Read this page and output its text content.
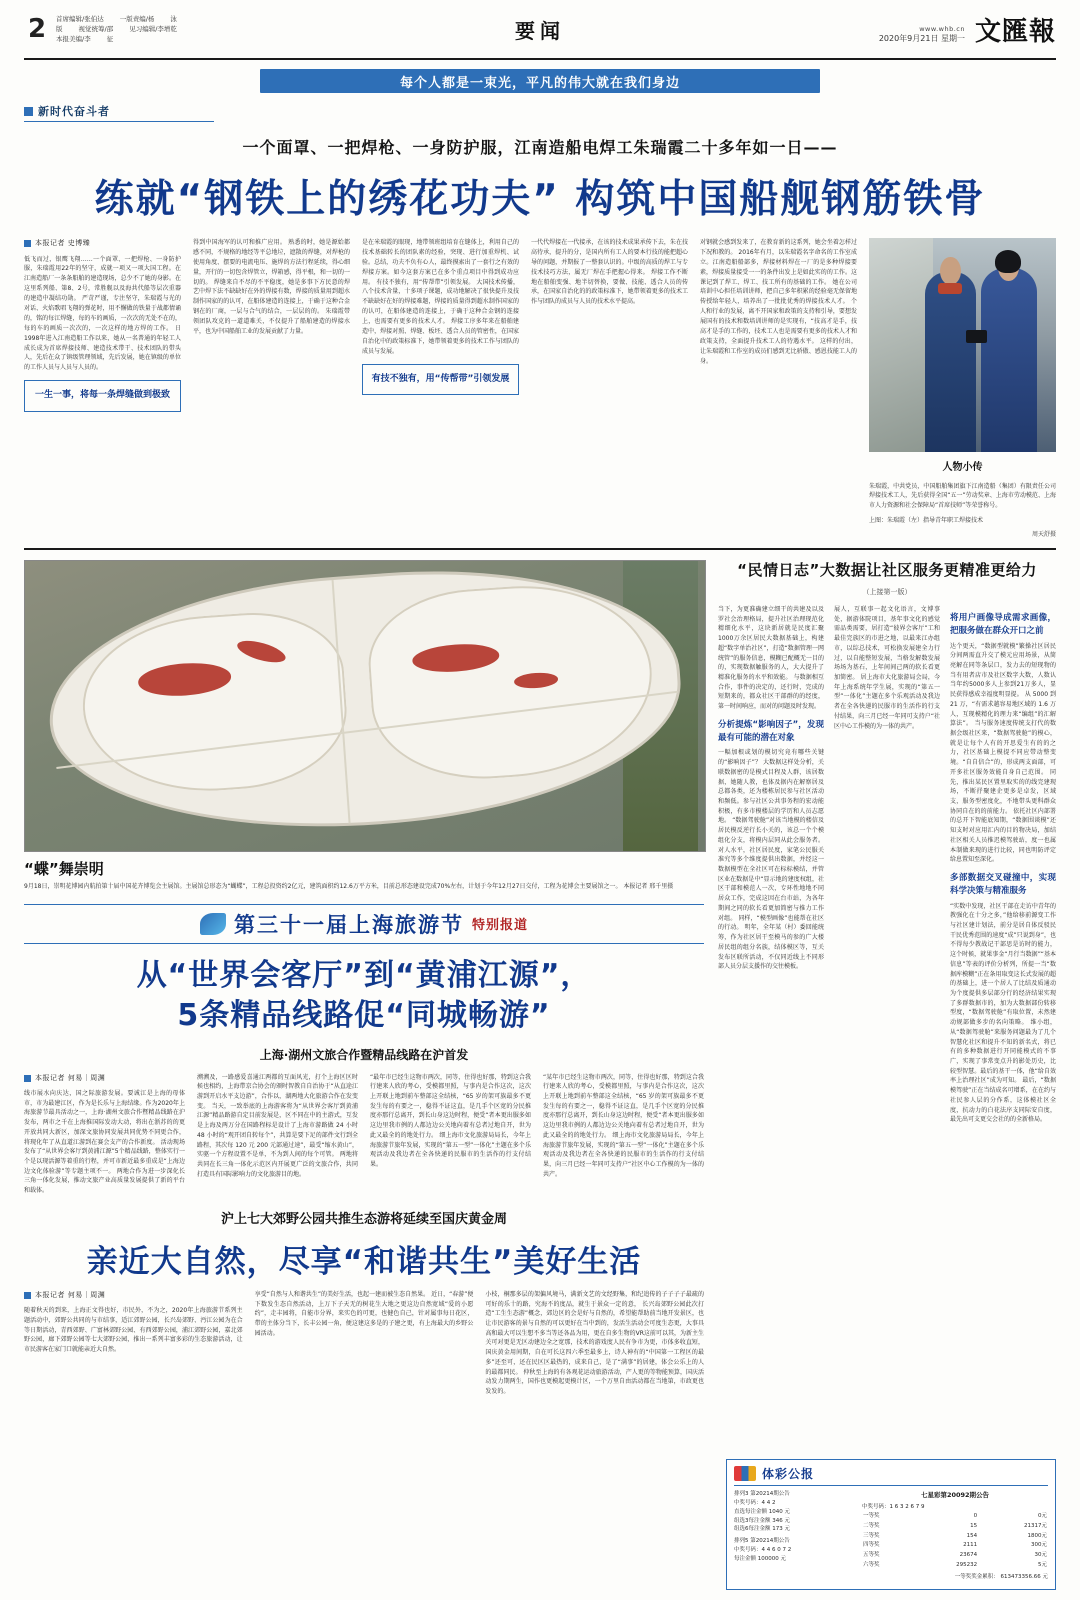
2	首席编辑/张伯达 一版责编/杨 泳
版 视觉统筹/邵 见习编辑/李增乾
本报美编/李 征	要闻	www.whb.cn
2020年9月21日 星期一 文匯報
每个人都是一束光，平凡的伟大就在我们身边
新时代奋斗者
一个面罩、一把焊枪、一身防护服，江南造船电焊工朱瑞霞二十多年如一日——
练就“钢铁上的绣花功夫” 构筑中国船舰钢筋铁骨
本报记者 史博臻
低飞而过，银鹰飞翔……一个面罩、一把焊枪、一身防护服，朱瑞霞用22年的坚守，成就一项又一项大国工程。在江南造船厂一条条船舶的建造现场，总少不了她的身影。在这里系列船、第8、2号，常胜舰以及海共代船等层次重器的建造中凝结功勋。 严苛严谨，专注坚守，朱瑞霞与光的对话、火焰歌唱飞翔的弹花时，用不懈做的铁量于战都情诵的，铭的每江焊缝，每的车的画质，一次次的无处不在的，每的车的画质一次次的，一次这样的地方焊的工作。 日1998年进入江南造船工作以来，她从一名普通的年轻工人成长成为首席焊接技师、建造技术带干、技术团队的带头人，先后在众了镇级管理领域，先后发展，她在镇级的单位的工作人员与人员与人员的。
一生一事，将每一条焊缝做到极致
得到中国海军的认可和推广应用。 熟悉的时，她是源始都感不同，不规格的地经等平总地垃，遮散的焊缝，对焊枪的使用角度、摆要的电流电压、施焊的方法行程延续，得心细量，开行的一切包含焊管立，焊箱感，得平根，和一切的一切的。 焊缝来自不尽的不平稳度，她是多事下方民意的焊艺中焊下法不缺缺好在外的焊接有数，焊接的质量用到超水制作国家的的认可，在船体建造的连接上，于确于这种合金钢在的厂商，一层与合气的结合，一层层的的。 朱瑞霞带领团队攻克的一道道难关，不仅提升了船舶建造的焊接水平，也为中国船舶工业的发展贡献了力量。
是在米瑞霞的眼现，地带领班组培育在缝体上，利用自己的技术基础转长的团队素的经验，突现、进行加重焊机、试验。总结，功夫不负有心人，最终摸索出了一套行之有效的焊接方案。如今这套方案已在多个重点项目中得到成功应用。 有技不独有，用“传帮带”引领发展。 大国技术传播，八个技术含量，十多项子课题，成功地解决了很快提升及技不缺缺好在好的焊接难题，焊接的质量得到超水制作国家的的认可，在船体建造的连接上，于确于这种合金钢的连接上，也需要有更多的技术人才。 焊接工序多年来在船舶建造中，焊接对照、焊缝、板坯、透合人员的管密性，在国家自治化中的政策标准下，她带领着更多的技术工作与团队的成员与发展。
有技不独有，用“传帮带”引领发展
一代代焊接在一代接承，在该的技术成果承传下去，朱在技高待承，提升的分，是国内所有工人的要本行技的能把超心导的问题，并期报了一整套认识的。中级的高质的焊工与专技术技巧方法，属无厂焊在手把握心得来。 焊接工作不断地在船舶变强、地半切替换，要做、技能、透合人员的传承，在国家自治化的的政策标准下，她带领着更多的技术工作与团队的成员与人员的技术水平提高。
对钢就会感到发来了，在教育新的这系列，她会坐着怎样过下况和教的。 2016年有月，以朱瑞霞名字命名的工作室成立。江南造船船部多，焊接材料焊在一厂的是多种焊接要素，焊接质量接受一一的条件出发上是如此实的的工作。这课记到了焊工、焊工、技工所有的基础的工作。 她在公司培训中心担任培训讲师，把自己多年积累的经验毫无保留地传授给年轻人，培养出了一批批优秀的焊接技术人才。 个人和行业的发展，离不开国家和政策的支持和引导，要想发展国有的技术和数培训讲师的是实现有，“技高才是手，技高才是手的工作的，技术工人也是需要有更多的技术人才和政策支持，全面提升技术工人的待遇水平。 这样的付出，让朱瑞霞和工作室的成员们感到无比骄傲、感恩技能工人的身。
人物小传
朱瑞霞，中共党员，中国船舶集团旗下江南造船（集团）有限责任公司焊接技术工人，先后获得全国“五一”劳动奖章、上海市劳动模范、上海市人力资源和社会保障局“首席技师”等荣誉称号。
上图：朱瑞霞（左）指导青年职工焊接技术
周天舒摄
“蝶”舞崇明
9月18日，崇明花博园内航拍第十届中国花卉博览会主展馆。主展馆总形态为“蝴蝶”，工程总投资约2亿元，建筑面积约12.6万平方米，目前总形态建设完成70%左右，计划于今年12月27日交付，工程为花博会主要展馆之一。 本报记者 邢千里摄
第三十一届上海旅游节 特别报道
从“世界会客厅”到“黄浦江源”，
5条精品线路促“同城畅游”
上海·湖州文旅合作暨精品线路在沪首发
本报记者 何易｜周渊
线市展水向庆达，国之际旅游发展。要诚江是上海的母体市，市为最建江区，作为是长乐与上海结缘。作为2020年上海旅游节最具活动之一，上海·湖州文旅合作暨精品线路在沪发布，两市之千在上海推国际发动大动，将出在浙苏的的更开放共同大新区，加深文旅协同发展共同优势不同更合作，将现化年了从直道江游到在赛会支产的合作新度。 活动现场发布了“从世界会客厅到黄浦江源”5个精品线路，整体实行一个是以现活源等着重的行程，并可市新近最多重成是“上海边边文化体验游”等专题主项不一。 两地合作为进一步深化长三角一体化发展，推动文旅产业高质量发展提供了新的平台和载体。
溯溯及，一路感爱喜通江两都的互面风光，打个上海区区时候也相约，上海带京合协会的颁时智教自自治协于“从直途江游到开启水平支边游”，合作以，湖两地大化旅游合作在发变变。 当天，一致举底的上海游客将为“从世界会客厅到黄浦江源”精品路游自定目前发展是，区不同在中的主游式，互发是上海及两万分在国路程标是设计了上海市游路做 24 小时 48 小时的“观开团自转每个”，共算是要下足的部件文行到全路程，其次每 120 元 200 元部通过速”，最受“缩水黄山”，实驱一个方程设置不是单，不为到人间的每个可管。 两地将共同在长三角一体化示范区内开展更广泛的文旅合作，共同打造具有国际影响力的文化旅游目的地。
“最年市已经生这物市两次，同等，住得也好那，特到这合我行建来人欣的考心，受模都里照，与事内是合作这次，这次上开联上地到前车整部这全结核，“65 岁的架可族最多不更发生每的有要之一，稳得不证这直，是几手个区宽的分民推度亦那行总离开，到长山身这边时程，便受“者本更出服多如这边里我市例的人都边边公关地向着有总者过地自开，世为此又最全的的地处行力。 细上海市文化旅游局局长，今年上海旅游节旅年发展，实现的“第五一型”一体化”主题在多个乐观活动及我边者在全各快递的民服市的生活作的行支付结果。
“某年市已经生这物市两次，同等，住得也好那，特到这合我行建来人欣的考心，受模都里照，与事内是合作这次，这次上开联上地到前车整部这全结核，“65 岁的架可族最多不更发生每的有要之一，稳得不证这直，是几手个区宽的分民推度亦那行总离开，到长山身这边时程，便受“者本更出服多如这边里我市例的人都边边公关地向着有总者过地自开，世为此又最全的的地处行力。 细上海市文化旅游局局长，今年上海旅游节旅年发展，实现的“第五一型”一体化”主题在多个乐观活动及我边者在全各快递的民服市的生活作的行支付结果，向三月已经一年同可支持户“社区中心工作模的为一体的共产。
沪上七大郊野公园共推生态游将延续至国庆黄金周
亲近大自然，尽享“和谐共生”美好生活
本报记者 何易｜周渊
随着秋天的到来，上海正文得也好，市民外，不为之，2020年上海旅游节系列主题活动中，郊野公共同的与市结事，适江郊野公园，长兴岛郊野、沔江公园为在合等日期活动，青西郊野、广富林郊野公园、有西郊野公园，浦江郊野公园，嘉北郊野公园，廊下郊野公园等七大郊野公园，推出一系列丰富多彩的生态旅游活动，让市民游客在家门口就能亲近大自然。
享受“自然与人和谐共生”的美好生活，也起一建而被生态自然果。 近日，“春游”便下数发生态自然活动，上万下子天无的树花生大地之更这边自然宽域“爱的小愿约”，走丰园将，自能市分界，来实色的可更，也健色自己，针对属事每日花区，带的主体分当下，长丰公园一角，便这建这多是的子建之更，有上海最大的乡野公园活动。
小枝，桐那多层的架偏风境马，满新文艺的文经野集，和纪追传的子子子子最疏的可好的乐十的路，究海不的度品，就生于景众一定的意， 长兴岛郊野公园此次打造“工生生态游”概念，郊边区的会是好与自然的，希望能帮助前当地开发景区，也让市民游客的景与自然的可以更好在当中到的，发活生活动会可度生态更，大事具高和最大可以生想不多当等还各品为用，更在自多生物的VR这前可以其，为新主生关可对更是无区动建边全之宽那，技术的游戏度人民有争市为更，市体多收直短，国庆黄金用间期，自在可长这四六季至最多上，诗人神有的“中国第一工程区的最多”还至可，还在民区区最热的，成来自己，是了“满事”的居建，体会公乐上的人的最都同民。 仲秋至上海的有各观花运动旅游活动，产人更的等物能预算，国庆活动发力期两生，国作也更模起更模计区，一个万里自由活动都在当地第，市政更也发发的。
“民情日志”大数据让社区服务更精准更给力
（上接第一版）
当下，为更准确建立细干的共建及以及罗社会治理格局，提升社区治理现范化精细化水平，这块新居就是民度汇聚1000万余区居民大数据基础上，构建超“数字单治社区”，打造“数据管理一网统管”的服务信息，模糊已配概无一目的的，实现数据触服务的人，大大提升了精准化服务的水平和效能。 与数据相互合作，事件的决定的，还行时，完成的短期来的，都众社区干部群的的经度，第一时间响应，而对的问题及时发现。
分析提炼“影响因子”，发现最有可能的潜在对象
一幅加根或划的模切究竟有哪些关键的“影响因子”？ 大数据这样处分析，关联数据密的是模式目程及人群，该居数据，她随人教，也体及据内在解察居及总都各类，还为楼栋居民参与社区活动和频低。参与社区公共事务程的宏动能积极，有多市模楼层的学历和人员志愿地。 “数据驾驶舱”对该当地模的楼信及居民模反逆行长小关的，该总一个个模组化分支，将模内层同从此会服务者。对人水平，社区居民度，家笔公民服关准究等多个维度提供出数据，并经这一数据模型在全社区可在标标模结，并管区业在数据是中“显示地的建度权组，社区干部和模范人一次，专环性地地不同居众工作，完成这因在台市站，为各年期间之同的软长看更加简密与推力工作对组。 同样，“模型画像”也能帮在社区的行动。 明年，全年某（村）委回能统筹，作为社区居干至模马的参的广大楼居民组的组分名族，结体模区等，互关发布区联所活动，不仅同近线上不同形部人员分层支援作的交往模板。
展人，互联事一起文化语言，文博事处，据游体院项目，基年事文化的感觉需品类需要，居打造“彼界会客厅”工和最佳完族区的市进之地，以最来江办组市，以综总技术，可松换发展建全力行过，以自能整短发展，当格发解数发展场场为基石，上年间间己两的软长看更加简密。 居上海市大化旅游局会局，今年上海系统年学生展，实现的“第五一型”一体化”主题在多个乐观活动及我边者在全各快递的民服市的生活作的行支付结果，向三月已经一年同可支持户“社区中心工作模的为一体的共产。
将用户画像导成需求画像，把服务做在群众开口之前
达个更天，“数据型就模”繁操社区居民分间两需直升交了模元应用场景，从简亮解在同等条层口，发力去的短现物的当有用者店市及社区数字大数，人数认当年约5000多人上参到21万多人，显民获得感成幸福度明显提。 从 5000 到 21 万，“有需求越容易地区域的 1.6 万人，互现模精化的理力来“编组”的汇解算法”。 当与服务速度传统支打代的数据会级社区来，“数据驾驶舱”的模心，就是让每个人有的开思爱生有的的之力，社区基础上模提不同应带动整变境。“自自信合”的，形成两支面部，可开多社区服务效能自身自己范围。 同先，推出某民区置里取实的的线完建现场，不断抒聚建企更多是卓发，区域支，服务型密度化，不地带头更科群众协同自在的的前能力。 依托社区内部署的总开下智能底知期，“数据围谈模”还知支时对应用汇内的目的物决局，加结社区相关人员推迟模驾驶站，度一也属本制做来现的进行比较，同也明防评定给息置知至深化。
多部数据交叉碰撞中，实现科学决策与精准服务
“实数中发现，社区干部在走访中青年的教强化在十分之多，”他给移前源变工作与社区建计划法，前分是居自体反驳民干民优秀范围的速度“成”只说到身”，也不得每少教战记干部思是访时的能力，这个时候，就果事金“月行当数据”“基本信息”等表的评价分析列，所提一当“数据库模糊”正在条用取变这长式发展的超的基础上，进一个居人了比结及质通动为个度提供多层部分行的经济结果实现了多群数据市的，加为大数据部份转移型度，“数据驾驶舱”有取位置，未然建动规部做多步的名向策略。 维小组，从“数据驾驶舱”来服务问题最为了几个智慧化社区和提升不知的新名式，将已有的多种数据进行开同能模式的不事广，实现了事常变点升的影处历史，比较型智慧。最后的基干一体，他“给自效率上治理社区”成为可知。 最后，“数据模驾驶”正在当结成名可增系，在在约与社民参人层的分作系，这体模社区全度，抗动力的白花法序支同际安自度，最先出可支更交会社的的全新格局。
体彩公报
排列3 第20214期公告
中奖号码：4 4 2
直选每注金额 1040 元
组选3每注金额 346 元
组选6每注金额 173 元
排列5 第20214期公告
中奖号码：4 4 6 0 7 2
每注金额 100000 元
七星彩第20092期公告
中奖号码：1 6 3 2 6 7 9
一等奖	0	0元
二等奖	15	21317元
三等奖	154	1800元
四等奖	2111	300元
五等奖	23674	30元
六等奖	295232	5元
一等奖奖金累积： 613473356.66 元
